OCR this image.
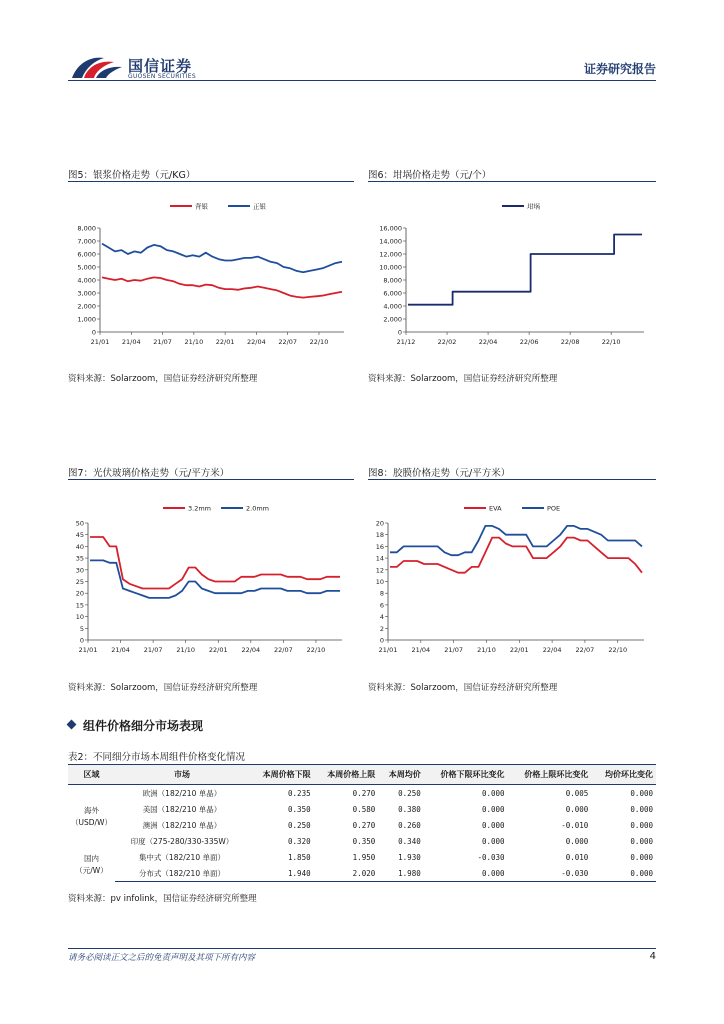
国信证券
GUOSEN SECURITIES
证券研究报告
图5：银浆价格走势（元/KG）	图6：坩埚价格走势（元/个）
0
1,000
2,000
3,000
4,000
5,000
6,000
7,000
8,000
21/01 21/04 21/07 21/10 22/01 22/04 22/07 22/10
背银	正银
0
2,000
4,000
6,000
8,000
10,000
12,000
14,000
16,000
21/12	22/02	22/04	22/06	22/08	22/10
坩埚
资料来源：Solarzoom，国信证券经济研究所整理	资料来源：Solarzoom，国信证券经济研究所整理
图7：光伏玻璃价格走势（元/平方米）	图8：胶膜价格走势（元/平方米）
0
5
10
15
20
25
30
35
40
45
50
21/01 21/04 21/07 21/10 22/01 22/04 22/07 22/10
3.2mm	2.0mm
0
2
4
6
8
10
12
14
16
18
20
21/01 21/04 21/07 21/10 22/01 22/04 22/07 22/10
EVA	POE
资料来源：Solarzoom，国信证券经济研究所整理	资料来源：Solarzoom，国信证券经济研究所整理
组件价格细分市场表现
表2：不同细分市场本周组件价格变化情况
区域	市场	本周价格下限	本周价格上限	本周均价	价格下限环比变化	价格上限环比变化	均价环比变化
海外
（USD/W）	欧洲（182/210 单晶）	0.235	0.270	0.250	0.000	0.005	0.000
	美国（182/210 单晶）	0.350	0.580	0.380	0.000	0.000	0.000
	澳洲（182/210 单晶）	0.250	0.270	0.260	0.000	-0.010	0.000
	印度（275-280/330-335W）	0.320	0.350	0.340	0.000	0.000	0.000
国内
（元/W）	集中式（182/210 单面）	1.850	1.950	1.930	-0.030	0.010	0.000
	分布式（182/210 单面）	1.940	2.020	1.980	0.000	-0.030	0.000
资料来源：pv infolink，国信证券经济研究所整理
请务必阅读正文之后的免责声明及其项下所有内容	4
